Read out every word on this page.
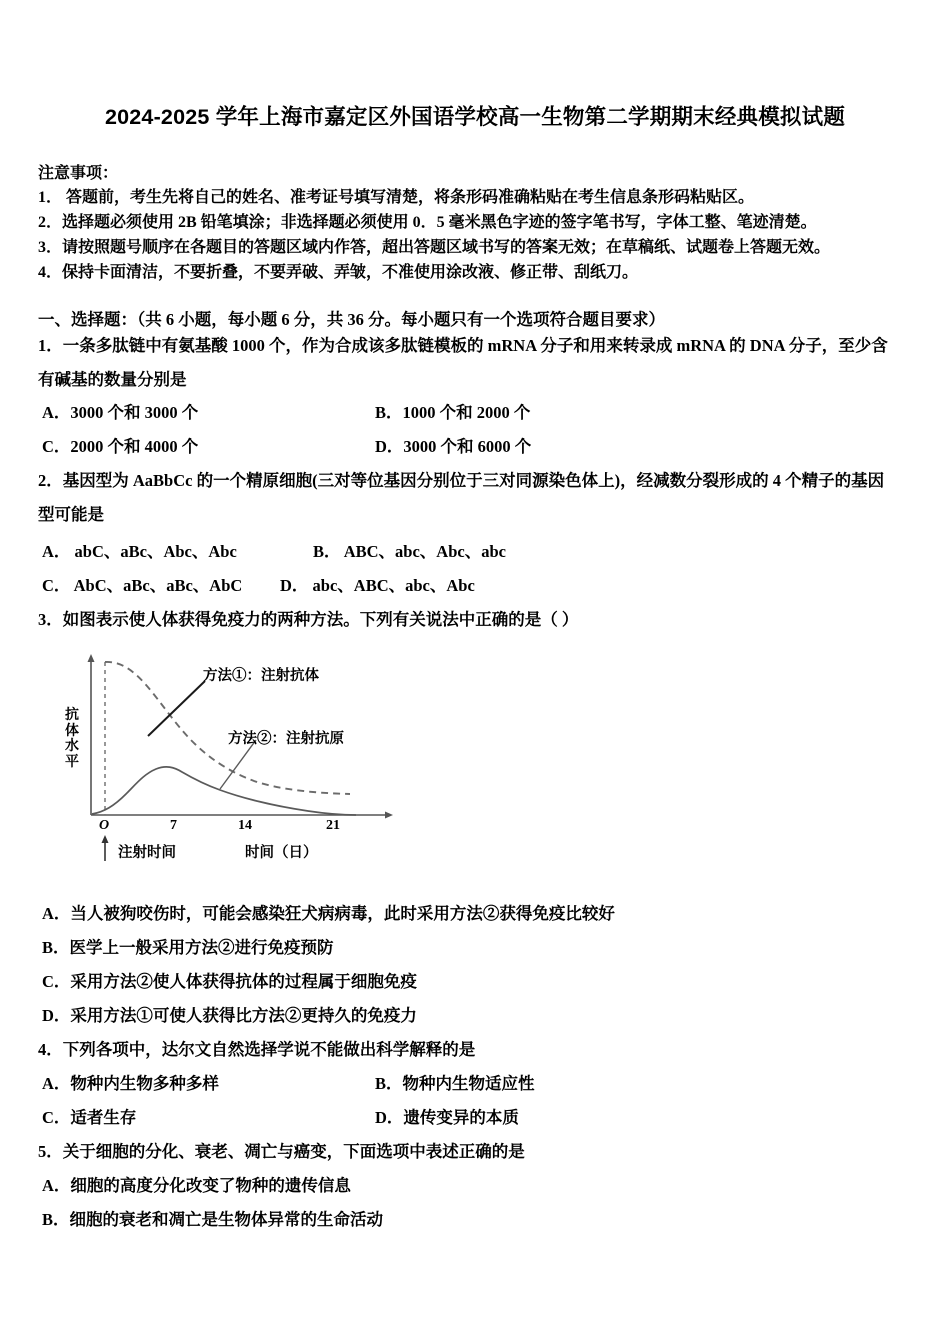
2024-2025 学年上海市嘉定区外国语学校高一生物第二学期期末经典模拟试题
注意事项：
1． 答题前，考生先将自己的姓名、准考证号填写清楚，将条形码准确粘贴在考生信息条形码粘贴区。
2．选择题必须使用 2B 铅笔填涂；非选择题必须使用 0．5 毫米黑色字迹的签字笔书写，字体工整、笔迹清楚。
3．请按照题号顺序在各题目的答题区域内作答，超出答题区域书写的答案无效；在草稿纸、试题卷上答题无效。
4．保持卡面清洁，不要折叠，不要弄破、弄皱，不准使用涂改液、修正带、刮纸刀。
一、选择题：（共 6 小题，每小题 6 分，共 36 分。每小题只有一个选项符合题目要求）
1．一条多肽链中有氨基酸 1000 个，作为合成该多肽链模板的 mRNA 分子和用来转录成 mRNA 的 DNA 分子，至少含
有碱基的数量分别是
A．3000 个和 3000 个	B．1000 个和 2000 个
C．2000 个和 4000 个	D．3000 个和 6000 个
2．基因型为 AaBbCc 的一个精原细胞(三对等位基因分别位于三对同源染色体上)，经减数分裂形成的 4 个精子的基因
型可能是
A． abC、aBc、Abc、Abc	B． ABC、abc、Abc、abc
C． AbC、aBc、aBc、AbC D． abc、ABC、abc、Abc
3．如图表示使人体获得免疫力的两种方法。下列有关说法中正确的是（ ）
抗体水平
方法①：注射抗体
方法②：注射抗原
O	7	14	21
注射时间	时间（日）
A．当人被狗咬伤时，可能会感染狂犬病病毒，此时采用方法②获得免疫比较好
B．医学上一般采用方法②进行免疫预防
C．采用方法②使人体获得抗体的过程属于细胞免疫
D．采用方法①可使人获得比方法②更持久的免疫力
4．下列各项中，达尔文自然选择学说不能做出科学解释的是
A．物种内生物多种多样	B．物种内生物适应性
C．适者生存	D．遗传变异的本质
5．关于细胞的分化、衰老、凋亡与癌变，下面选项中表述正确的是
A．细胞的高度分化改变了物种的遗传信息
B．细胞的衰老和凋亡是生物体异常的生命活动
